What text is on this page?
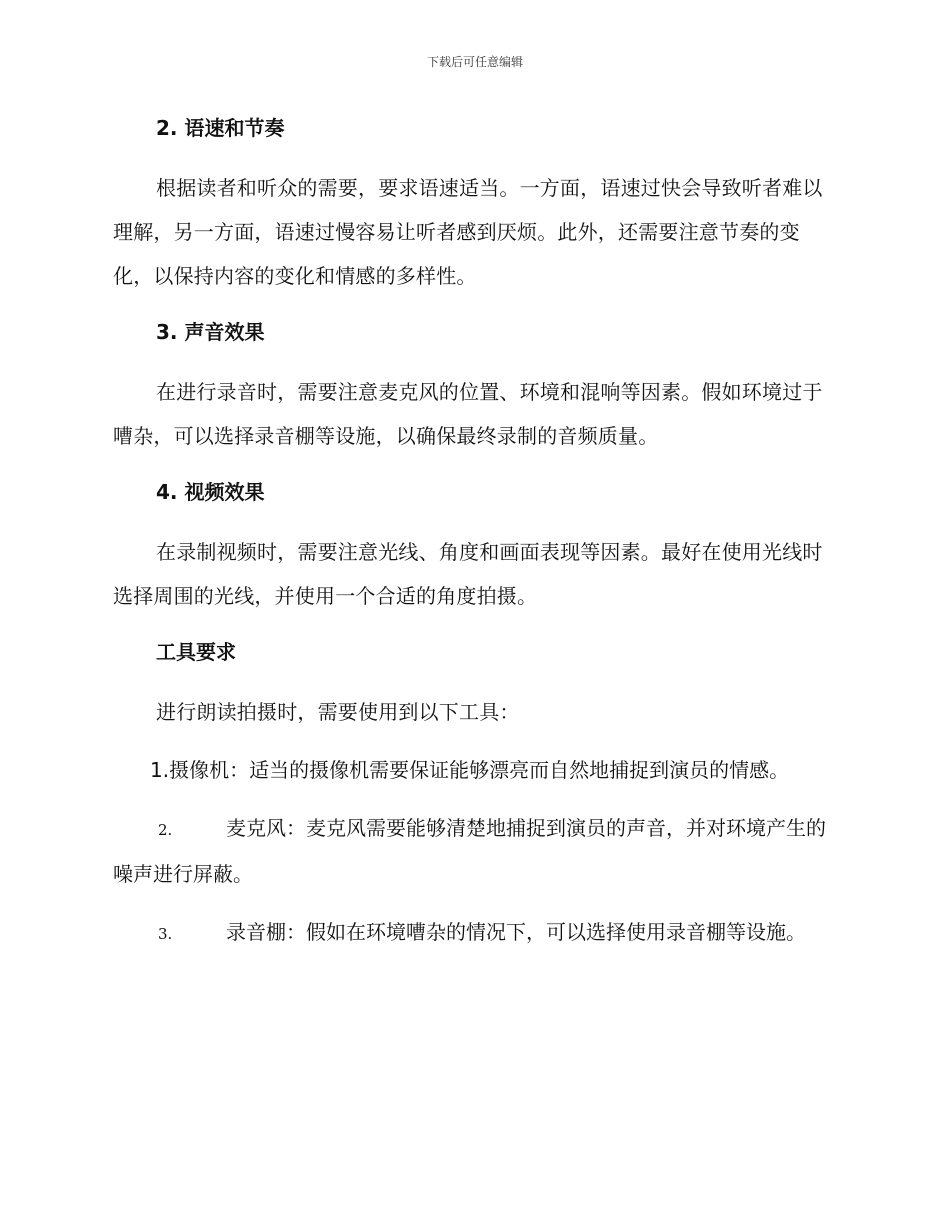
下载后可任意编辑
2. 语速和节奏

根据读者和听众的需要，要求语速适当。一方面，语速过快会导致听者难以理解，另一方面，语速过慢容易让听者感到厌烦。此外，还需要注意节奏的变化，以保持内容的变化和情感的多样性。

3. 声音效果

在进行录音时，需要注意麦克风的位置、环境和混响等因素。假如环境过于嘈杂，可以选择录音棚等设施，以确保最终录制的音频质量。

4. 视频效果

在录制视频时，需要注意光线、角度和画面表现等因素。最好在使用光线时选择周围的光线，并使用一个合适的角度拍摄。

工具要求

进行朗读拍摄时，需要使用到以下工具：

1.摄像机：适当的摄像机需要保证能够漂亮而自然地捕捉到演员的情感。

2.	麦克风：麦克风需要能够清楚地捕捉到演员的声音，并对环境产生的噪声进行屏蔽。

3.	录音棚：假如在环境嘈杂的情况下，可以选择使用录音棚等设施。
